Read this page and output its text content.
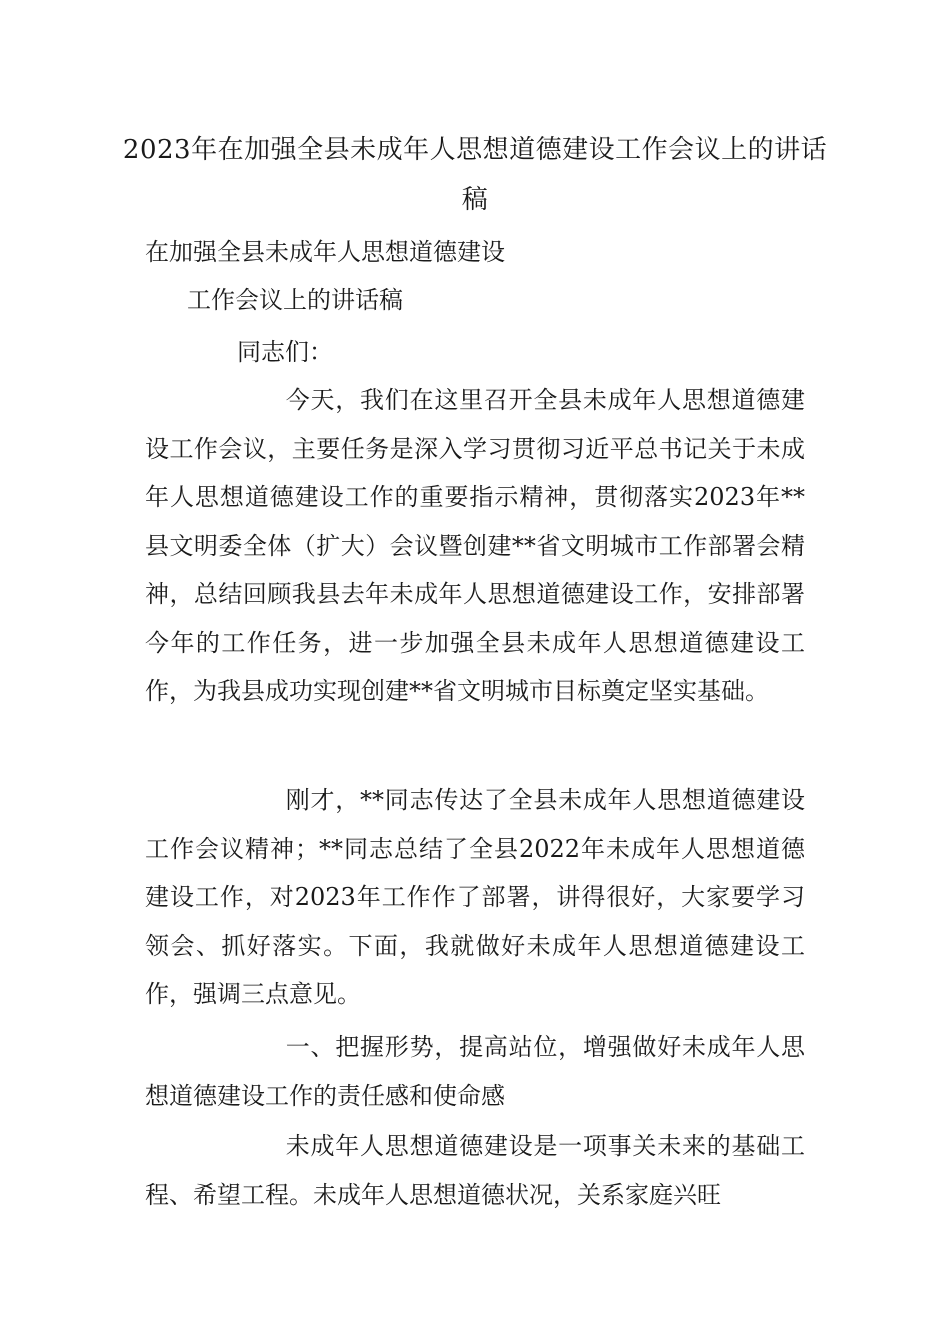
2023年在加强全县未成年人思想道德建设工作会议上的讲话稿
在加强全县未成年人思想道德建设
工作会议上的讲话稿
同志们：
今天，我们在这里召开全县未成年人思想道德建设工作会议，主要任务是深入学习贯彻习近平总书记关于未成年人思想道德建设工作的重要指示精神，贯彻落实2023年**县文明委全体（扩大）会议暨创建**省文明城市工作部署会精神，总结回顾我县去年未成年人思想道德建设工作，安排部署今年的工作任务，进一步加强全县未成年人思想道德建设工作，为我县成功实现创建**省文明城市目标奠定坚实基础。
刚才，**同志传达了全县未成年人思想道德建设工作会议精神；**同志总结了全县2022年未成年人思想道德建设工作，对2023年工作作了部署，讲得很好，大家要学习领会、抓好落实。下面，我就做好未成年人思想道德建设工作，强调三点意见。
一、把握形势，提高站位，增强做好未成年人思想道德建设工作的责任感和使命感
未成年人思想道德建设是一项事关未来的基础工程、希望工程。未成年人思想道德状况，关系家庭兴旺
